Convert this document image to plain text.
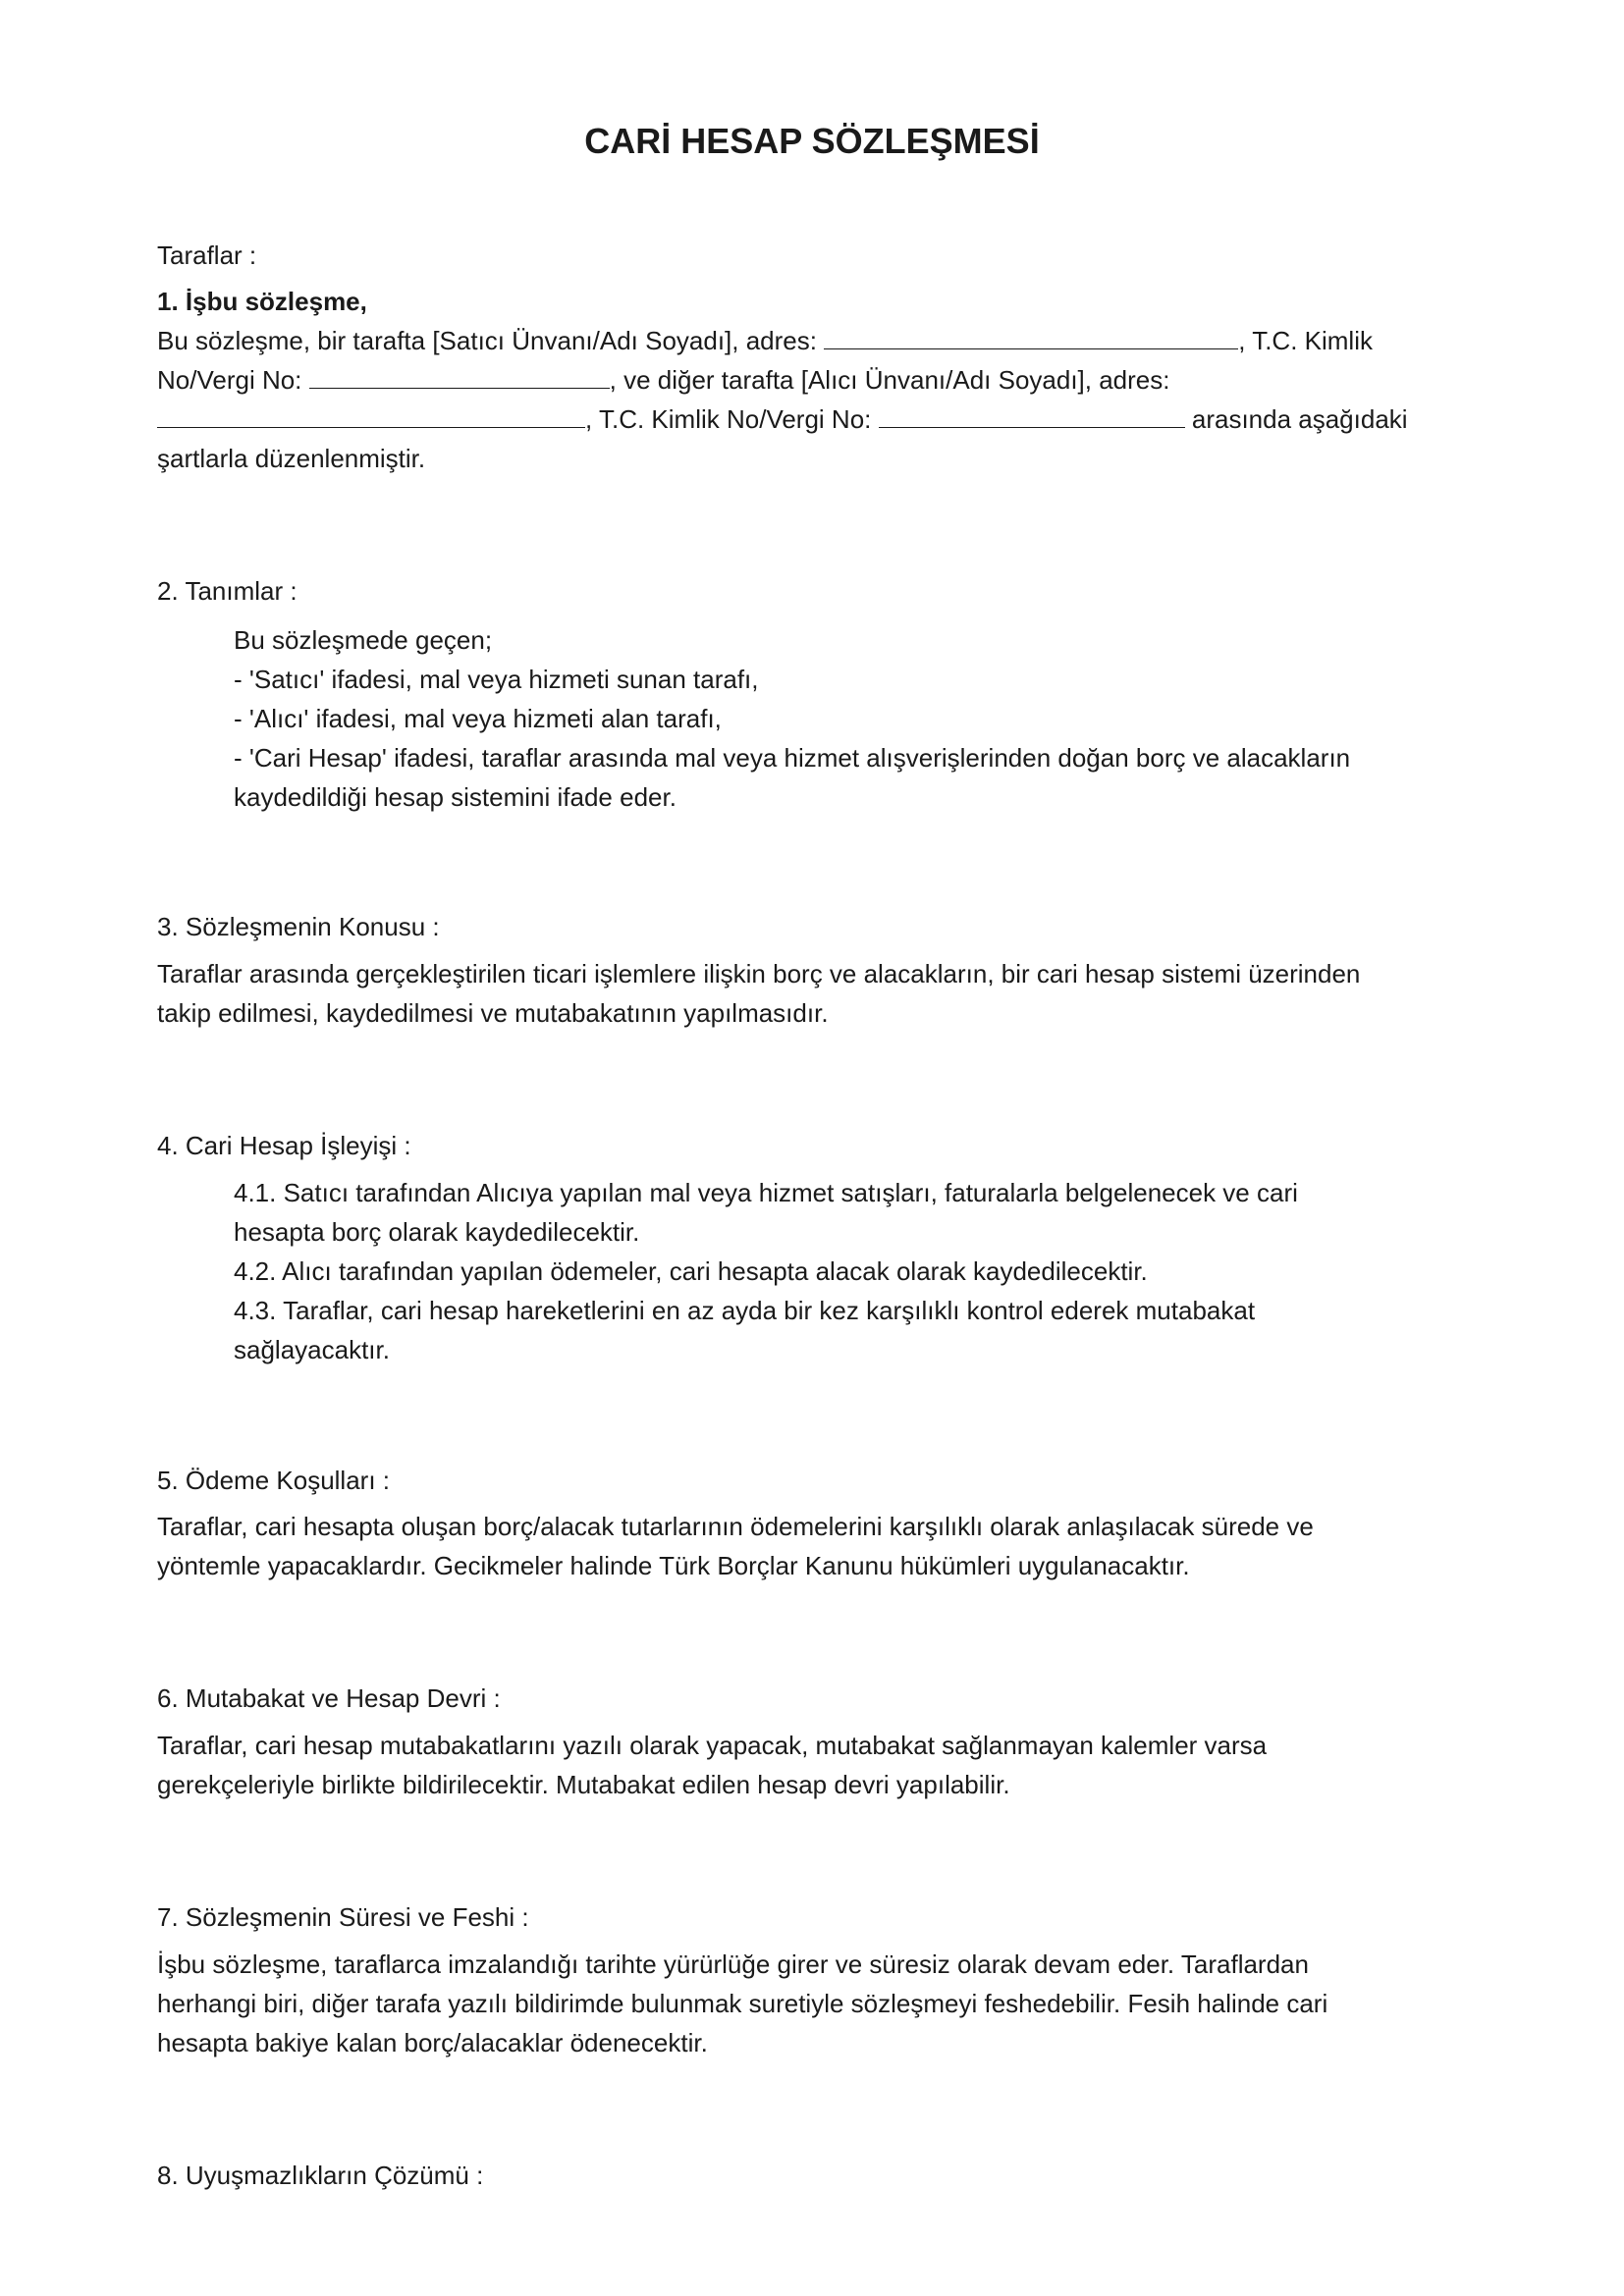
CARİ HESAP SÖZLEŞMESİ

Taraflar :

1. İşbu sözleşme,

Bu sözleşme, bir tarafta [Satıcı Ünvanı/Adı Soyadı], adres:	, T.C. Kimlik

No/Vergi No:	, ve diğer tarafta [Alıcı Ünvanı/Adı Soyadı], adres:

, T.C. Kimlik No/Vergi No:	arasında aşağıdaki

şartlarla düzenlenmiştir.

2. Tanımlar :

Bu sözleşmede geçen;

- 'Satıcı' ifadesi, mal veya hizmeti sunan tarafı,

- 'Alıcı' ifadesi, mal veya hizmeti alan tarafı,

- 'Cari Hesap' ifadesi, taraflar arasında mal veya hizmet alışverişlerinden doğan borç ve alacakların

kaydedildiği hesap sistemini ifade eder.

3. Sözleşmenin Konusu :

Taraflar arasında gerçekleştirilen ticari işlemlere ilişkin borç ve alacakların, bir cari hesap sistemi üzerinden

takip edilmesi, kaydedilmesi ve mutabakatının yapılmasıdır.

4. Cari Hesap İşleyişi :

4.1. Satıcı tarafından Alıcıya yapılan mal veya hizmet satışları, faturalarla belgelenecek ve cari

hesapta borç olarak kaydedilecektir.

4.2. Alıcı tarafından yapılan ödemeler, cari hesapta alacak olarak kaydedilecektir.

4.3. Taraflar, cari hesap hareketlerini en az ayda bir kez karşılıklı kontrol ederek mutabakat

sağlayacaktır.

5. Ödeme Koşulları :

Taraflar, cari hesapta oluşan borç/alacak tutarlarının ödemelerini karşılıklı olarak anlaşılacak sürede ve

yöntemle yapacaklardır. Gecikmeler halinde Türk Borçlar Kanunu hükümleri uygulanacaktır.

6. Mutabakat ve Hesap Devri :

Taraflar, cari hesap mutabakatlarını yazılı olarak yapacak, mutabakat sağlanmayan kalemler varsa

gerekçeleriyle birlikte bildirilecektir. Mutabakat edilen hesap devri yapılabilir.

7. Sözleşmenin Süresi ve Feshi :

İşbu sözleşme, taraflarca imzalandığı tarihte yürürlüğe girer ve süresiz olarak devam eder. Taraflardan

herhangi biri, diğer tarafa yazılı bildirimde bulunmak suretiyle sözleşmeyi feshedebilir. Fesih halinde cari

hesapta bakiye kalan borç/alacaklar ödenecektir.

8. Uyuşmazlıkların Çözümü :
